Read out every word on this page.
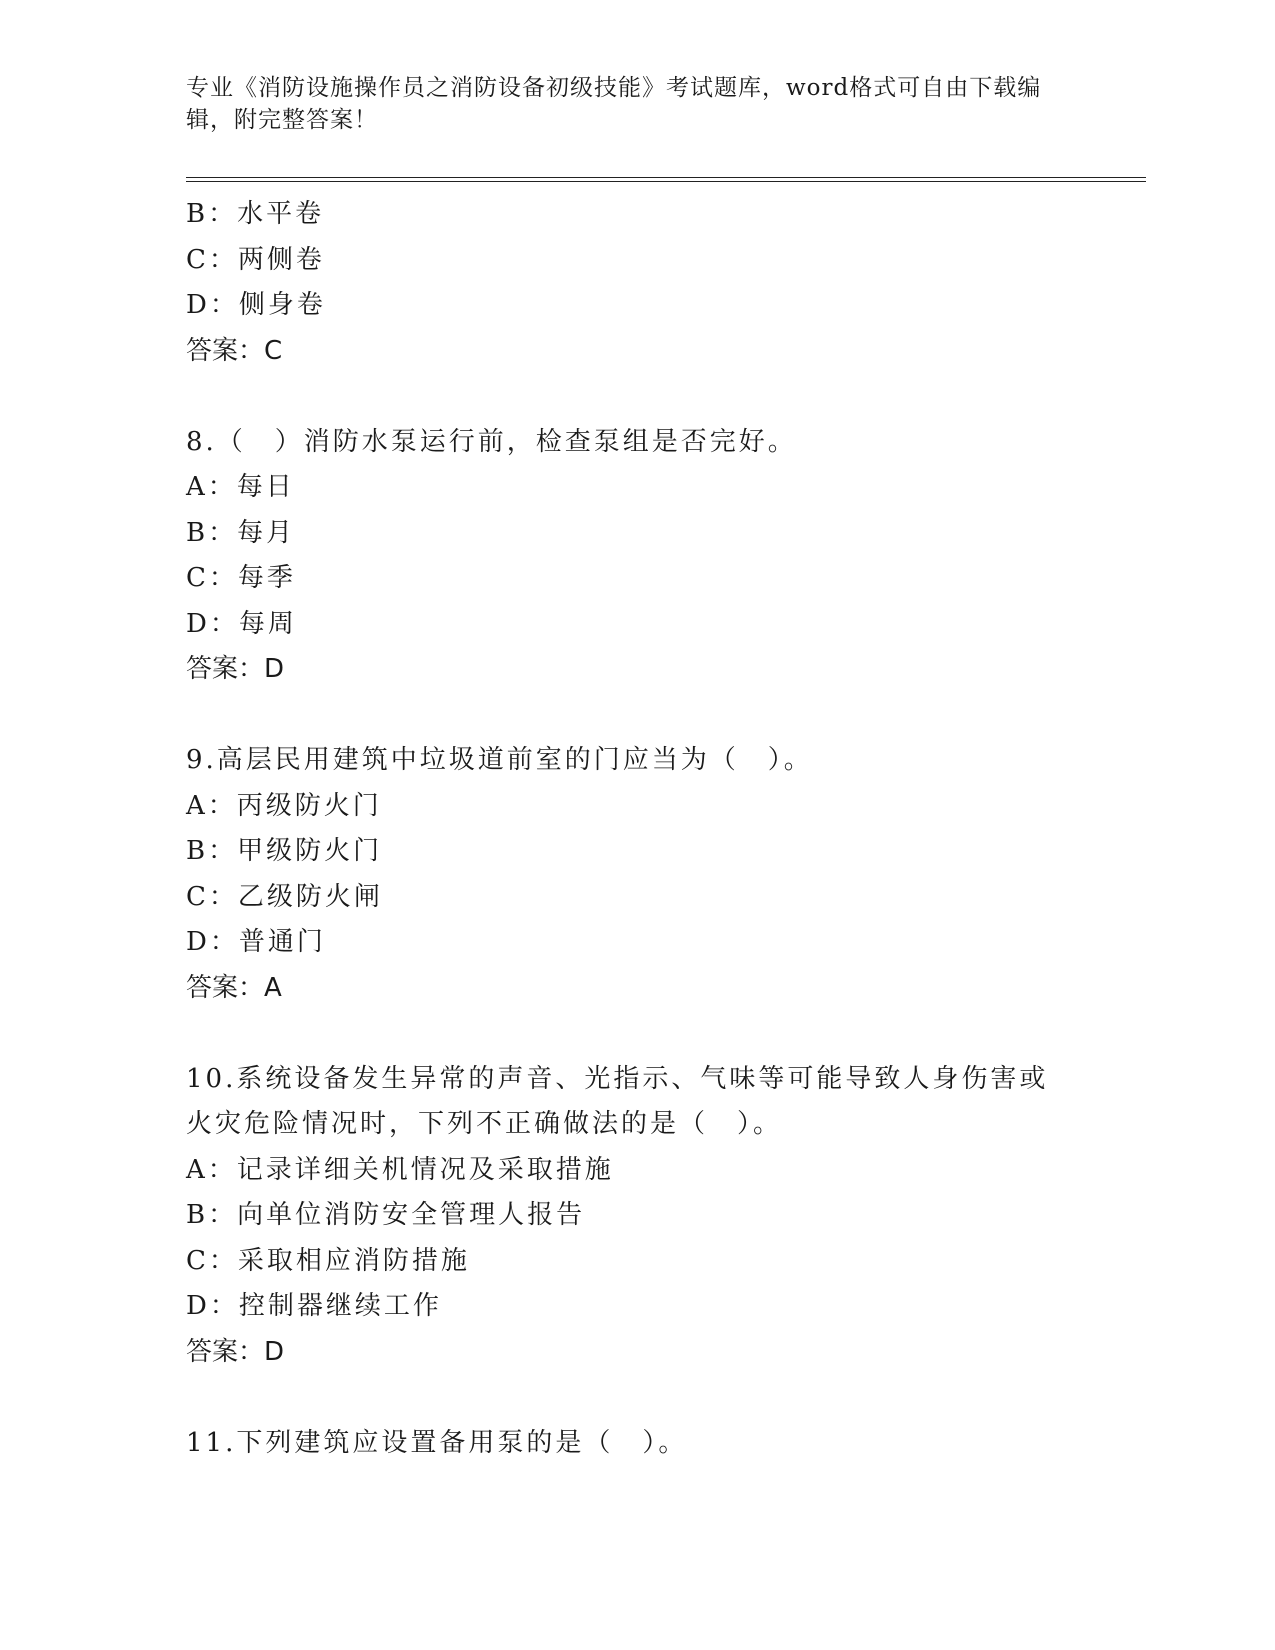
专业《消防设施操作员之消防设备初级技能》考试题库，word格式可自由下载编辑，附完整答案！
B：水平卷
C：两侧卷
D：侧身卷
答案：C
8.（　）消防水泵运行前，检查泵组是否完好。
A：每日
B：每月
C：每季
D：每周
答案：D
9.高层民用建筑中垃圾道前室的门应当为（　）。
A：丙级防火门
B：甲级防火门
C：乙级防火闸
D：普通门
答案：A
10.系统设备发生异常的声音、光指示、气味等可能导致人身伤害或火灾危险情况时，下列不正确做法的是（　）。
A：记录详细关机情况及采取措施
B：向单位消防安全管理人报告
C：采取相应消防措施
D：控制器继续工作
答案：D
11.下列建筑应设置备用泵的是（　）。
